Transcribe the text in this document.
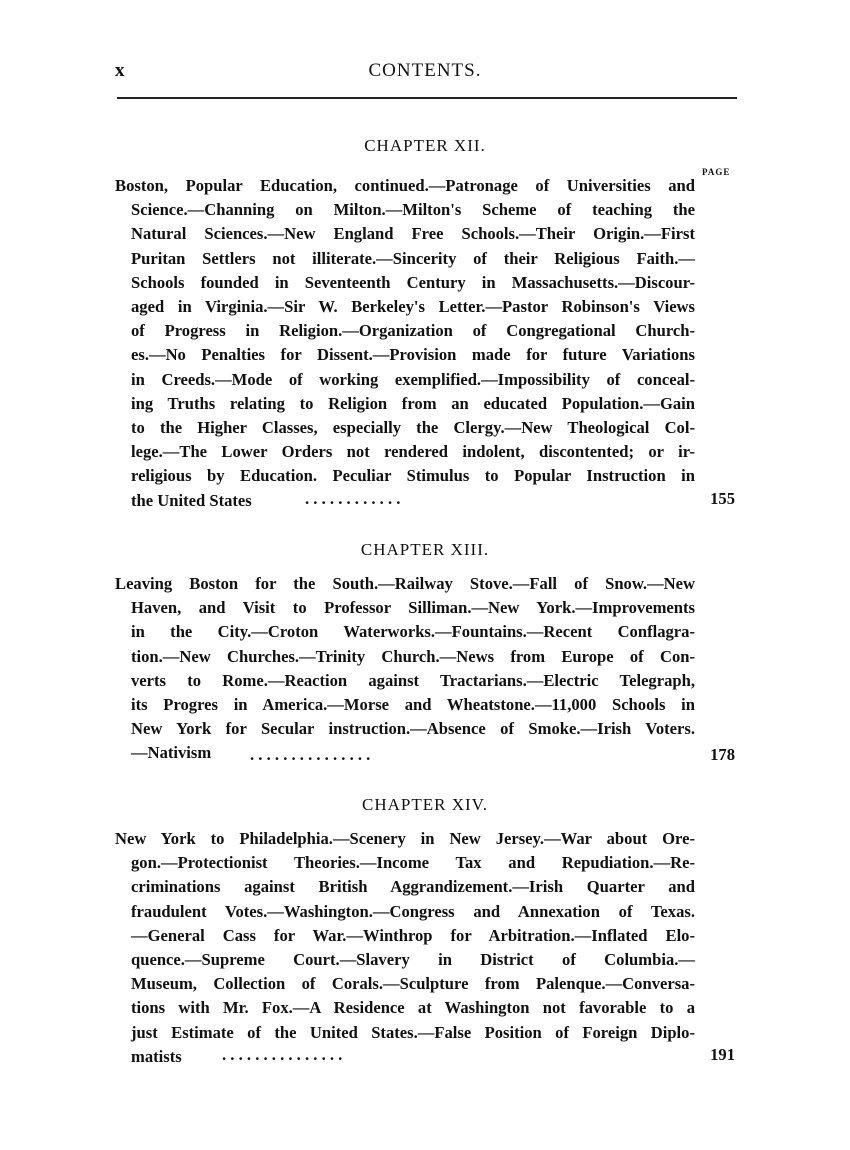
x	CONTENTS.
CHAPTER XII.
PAGE
Boston, Popular Education, continued.—Patronage of Universities and
Science.—Channing on Milton.—Milton's Scheme of teaching the
Natural Sciences.—New England Free Schools.—Their Origin.—First
Puritan Settlers not illiterate.—Sincerity of their Religious Faith.—
Schools founded in Seventeenth Century in Massachusetts.—Discour-
aged in Virginia.—Sir W. Berkeley's Letter.—Pastor Robinson's Views
of Progress in Religion.—Organization of Congregational Church-
es.—No Penalties for Dissent.—Provision made for future Variations
in Creeds.—Mode of working exemplified.—Impossibility of conceal-
ing Truths relating to Religion from an educated Population.—Gain
to the Higher Classes, especially the Clergy.—New Theological Col-
lege.—The Lower Orders not rendered indolent, discontented; or ir-
religious by Education. Peculiar Stimulus to Popular Instruction in
the United States	. . . . . . . . . . . .	155
CHAPTER XIII.
Leaving Boston for the South.—Railway Stove.—Fall of Snow.—New
Haven, and Visit to Professor Silliman.—New York.—Improvements
in the City.—Croton Waterworks.—Fountains.—Recent Conflagra-
tion.—New Churches.—Trinity Church.—News from Europe of Con-
verts to Rome.—Reaction against Tractarians.—Electric Telegraph,
its Progres in America.—Morse and Wheatstone.—11,000 Schools in
New York for Secular instruction.—Absence of Smoke.—Irish Voters.
—Nativism	. . . . . . . . . . . . . . .	178
CHAPTER XIV.
New York to Philadelphia.—Scenery in New Jersey.—War about Ore-
gon.—Protectionist Theories.—Income Tax and Repudiation.—Re-
criminations against British Aggrandizement.—Irish Quarter and
fraudulent Votes.—Washington.—Congress and Annexation of Texas.
—General Cass for War.—Winthrop for Arbitration.—Inflated Elo-
quence.—Supreme Court.—Slavery in District of Columbia.—
Museum, Collection of Corals.—Sculpture from Palenque.—Conversa-
tions with Mr. Fox.—A Residence at Washington not favorable to a
just Estimate of the United States.—False Position of Foreign Diplo-
matists	. . . . . . . . . . . . . . .	191
